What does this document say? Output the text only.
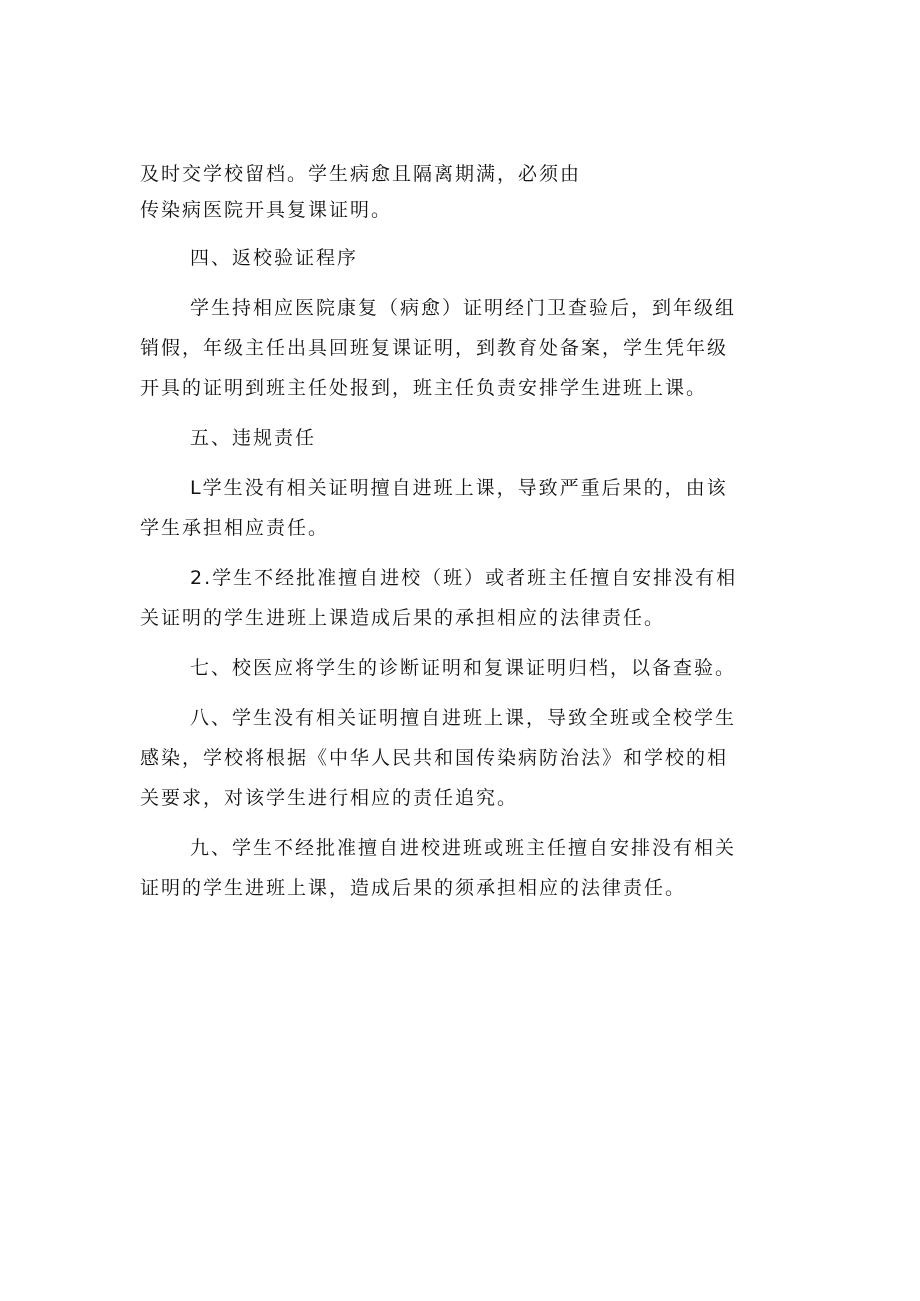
及时交学校留档。学生病愈且隔离期满，必须由
传染病医院开具复课证明。
四、返校验证程序
学生持相应医院康复（病愈）证明经门卫查验后，到年级组
销假，年级主任出具回班复课证明，到教育处备案，学生凭年级
开具的证明到班主任处报到，班主任负责安排学生进班上课。
五、违规责任
L学生没有相关证明擅自进班上课，导致严重后果的，由该
学生承担相应责任。
2.学生不经批准擅自进校（班）或者班主任擅自安排没有相
关证明的学生进班上课造成后果的承担相应的法律责任。
七、校医应将学生的诊断证明和复课证明归档，以备查验。
八、学生没有相关证明擅自进班上课，导致全班或全校学生
感染，学校将根据《中华人民共和国传染病防治法》和学校的相
关要求，对该学生进行相应的责任追究。
九、学生不经批准擅自进校进班或班主任擅自安排没有相关
证明的学生进班上课，造成后果的须承担相应的法律责任。
